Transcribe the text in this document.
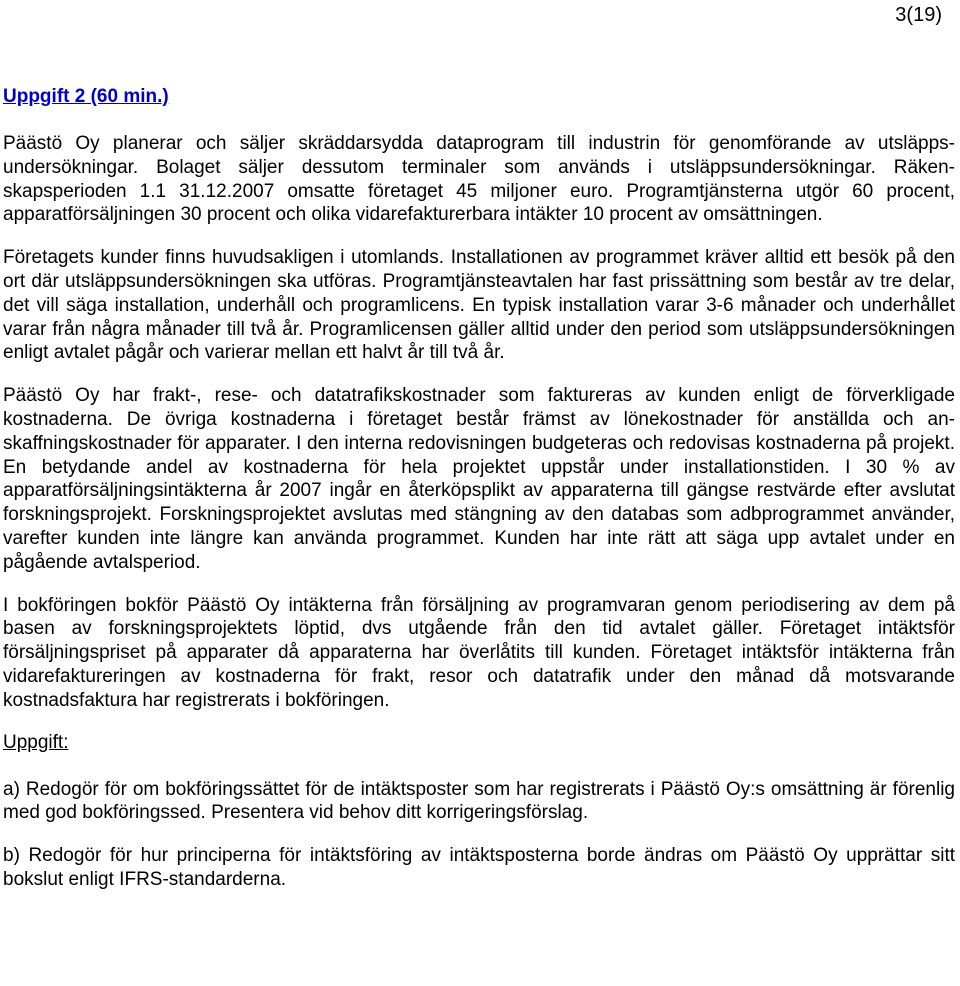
3(19)
Uppgift 2 (60 min.)
Päästö Oy planerar och säljer skräddarsydda dataprogram till industrin för genomförande av utsläppsundersökningar. Bolaget säljer dessutom terminaler som används i utsläppsundersökningar. Räkenskapsperioden 1.1 31.12.2007 omsatte företaget 45 miljoner euro. Programtjänsterna utgör 60 procent, apparatförsäljningen 30 procent och olika vidarefakturerbara intäkter 10 procent av omsättningen.
Företagets kunder finns huvudsakligen i utomlands. Installationen av programmet kräver alltid ett besök på den ort där utsläppsundersökningen ska utföras. Programtjänsteavtalen har fast prissättning som består av tre delar, det vill säga installation, underhåll och programlicens. En typisk installation varar 3-6 månader och underhållet varar från några månader till två år. Programlicensen gäller alltid under den period som utsläppsundersökningen enligt avtalet pågår och varierar mellan ett halvt år till två år.
Päästö Oy har frakt-, rese- och datatrafikskostnader som faktureras av kunden enligt de förverkligade kostnaderna. De övriga kostnaderna i företaget består främst av lönekostnader för anställda och anskaffningskostnader för apparater. I den interna redovisningen budgeteras och redovisas kostnaderna på projekt. En betydande andel av kostnaderna för hela projektet uppstår under installationstiden. I 30 % av apparatförsäljningsintäkterna år 2007 ingår en återköpsplikt av apparaterna till gängse restvärde efter avslutat forskningsprojekt. Forskningsprojektet avslutas med stängning av den databas som adbprogrammet använder, varefter kunden inte längre kan använda programmet. Kunden har inte rätt att säga upp avtalet under en pågående avtalsperiod.
I bokföringen bokför Päästö Oy intäkterna från försäljning av programvaran genom periodisering av dem på basen av forskningsprojektets löptid, dvs utgående från den tid avtalet gäller. Företaget intäktsför försäljningspriset på apparater då apparaterna har överlåtits till kunden. Företaget intäktsför intäkterna från vidarefaktureringen av kostnaderna för frakt, resor och datatrafik under den månad då motsvarande kostnadsfaktura har registrerats i bokföringen.
Uppgift:
a) Redogör för om bokföringssättet för de intäktsposter som har registrerats i Päästö Oy:s omsättning är förenlig med god bokföringssed. Presentera vid behov ditt korrigeringsförslag.
b) Redogör för hur principerna för intäktsföring av intäktsposterna borde ändras om Päästö Oy upprättar sitt bokslut enligt IFRS-standarderna.
